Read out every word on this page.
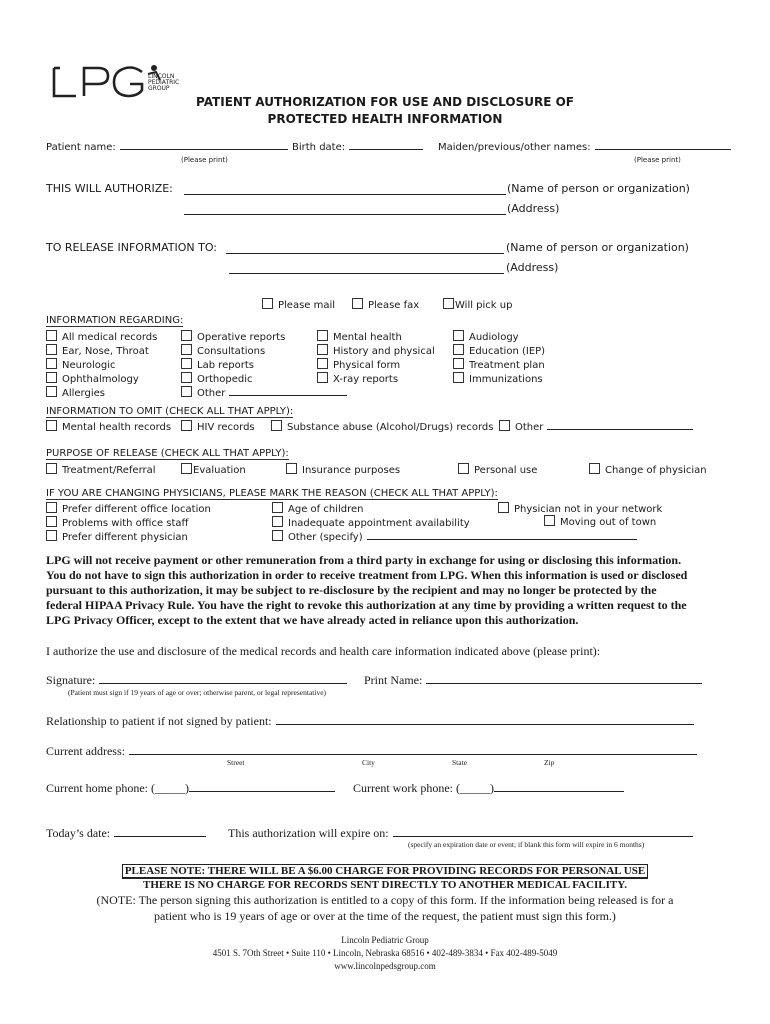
LINCOLN
PEDIATRIC
GROUP
PATIENT AUTHORIZATION FOR USE AND DISCLOSURE OF
PROTECTED HEALTH INFORMATION
Patient name:
(Please print)
Birth date:	Maiden/previous/other names:
(Please print)
THIS WILL AUTHORIZE:	(Name of person or organization)
(Address)
TO RELEASE INFORMATION TO:	(Name of person or organization)
(Address)
Please mail	Please fax	Will pick up
INFORMATION REGARDING:
All medical records
Ear, Nose, Throat
Neurologic
Ophthalmology
Allergies
Operative reports
Consultations
Lab reports
Orthopedic
Other
Mental health
History and physical
Physical form
X-ray reports
Audiology
Education (IEP)
Treatment plan
Immunizations
INFORMATION TO OMIT (CHECK ALL THAT APPLY):
Mental health records	HIV records	Substance abuse (Alcohol/Drugs) records	Other
PURPOSE OF RELEASE (CHECK ALL THAT APPLY):
Treatment/Referral	Evaluation	Insurance purposes	Personal use	Change of physician
IF YOU ARE CHANGING PHYSICIANS, PLEASE MARK THE REASON (CHECK ALL THAT APPLY):
Prefer different office location
Problems with office staff
Prefer different physician
Age of children
Inadequate appointment availability
Other (specify)
Physician not in your network
Moving out of town
LPG will not receive payment or other remuneration from a third party in exchange for using or disclosing this information.
You do not have to sign this authorization in order to receive treatment from LPG. When this information is used or disclosed
pursuant to this authorization, it may be subject to re-disclosure by the recipient and may no longer be protected by the
federal HIPAA Privacy Rule. You have the right to revoke this authorization at any time by providing a written request to the
LPG Privacy Officer, except to the extent that we have already acted in reliance upon this authorization.
I authorize the use and disclosure of the medical records and health care information indicated above (please print):
Signature:	Print Name:
(Patient must sign if 19 years of age or over; otherwise parent, or legal representative)
Relationship to patient if not signed by patient:
Current address:
Street	City	State	Zip
Current home phone: (_____)	Current work phone: (_____)
Today’s date:	This authorization will expire on:
(specify an expiration date or event; if blank this form will expire in 6 months)
PLEASE NOTE: THERE WILL BE A $6.00 CHARGE FOR PROVIDING RECORDS FOR PERSONAL USE
THERE IS NO CHARGE FOR RECORDS SENT DIRECTLY TO ANOTHER MEDICAL FACILITY.
(NOTE: The person signing this authorization is entitled to a copy of this form. If the information being released is for a
patient who is 19 years of age or over at the time of the request, the patient must sign this form.)
Lincoln Pediatric Group
4501 S. 7Oth Street • Suite 110 • Lincoln, Nebraska 68516 • 402-489-3834 • Fax 402-489-5049
www.lincolnpedsgroup.com
